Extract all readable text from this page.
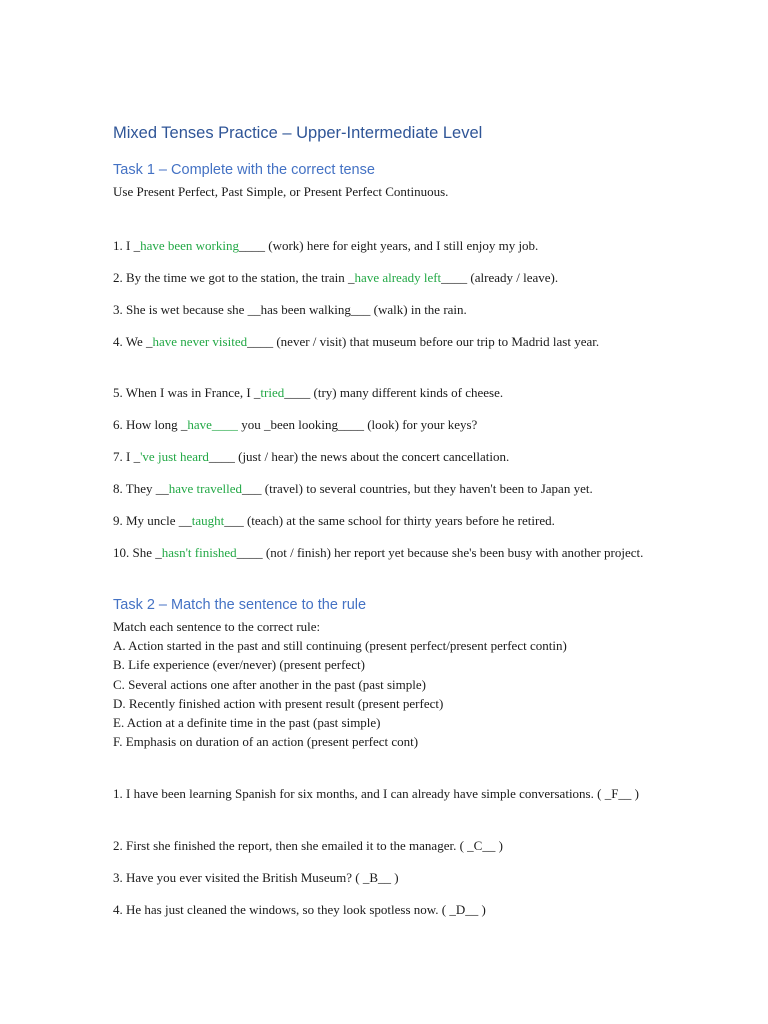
Mixed Tenses Practice – Upper-Intermediate Level
Task 1 – Complete with the correct tense

Use Present Perfect, Past Simple, or Present Perfect Continuous.

1. I _have been working____ (work) here for eight years, and I still enjoy my job.

2. By the time we got to the station, the train _have already left____ (already / leave).

3. She is wet because she __has been walking___ (walk) in the rain.

4. We _have never visited____ (never / visit) that museum before our trip to Madrid last year.

5. When I was in France, I _tried____ (try) many different kinds of cheese.

6. How long _have____ you _been looking____ (look) for your keys?

7. I _'ve just heard____ (just / hear) the news about the concert cancellation.

8. They __have travelled___ (travel) to several countries, but they haven't been to Japan yet.

9. My uncle __taught___ (teach) at the same school for thirty years before he retired.

10. She _hasn't finished____ (not / finish) her report yet because she's been busy with another project.

Task 2 – Match the sentence to the rule

Match each sentence to the correct rule:

A. Action started in the past and still continuing (present perfect/present perfect contin)
B. Life experience (ever/never) (present perfect)
C. Several actions one after another in the past (past simple)
D. Recently finished action with present result (present perfect)
E. Action at a definite time in the past (past simple)
F. Emphasis on duration of an action (present perfect cont)

1. I have been learning Spanish for six months, and I can already have simple conversations. ( _F__ )

2. First she finished the report, then she emailed it to the manager. ( _C__ )

3. Have you ever visited the British Museum? ( _B__ )

4. He has just cleaned the windows, so they look spotless now. ( _D__ )
